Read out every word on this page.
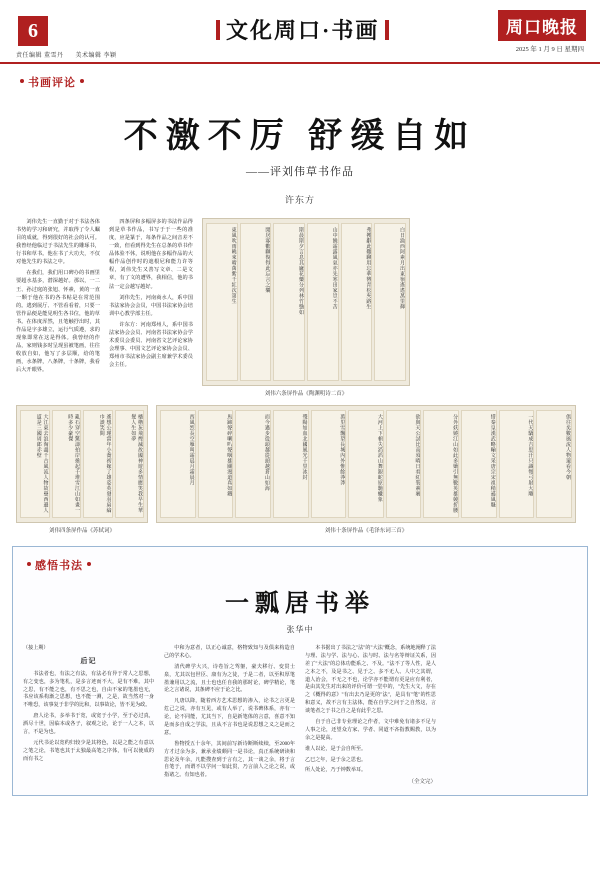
6
责任编辑 董雪丹 美术编辑 李颖
文化周口·书画	周口晚报
2025 年 1 月 9 日 星期四
书画评论
不激不厉 舒缓自如
——评刘伟草书作品
许东方

刘伟先生一直勤于对于书法各体书势的学习和研究，并取得了令人瞩目的成就，得到很好的社会的认可。我曾经他临过于书法先生的雕琢书，行书和草书。他在书了大功夫，不仅对他先生的书法之中。

在我们，我们用口碑办的书画里要超水基多，潜深越好。那以，一二王、孙过庭的张旭、怀素，黄的一直一颗于他在书的各书帖是在常范围的。逃到展厅、不管看看着，只要一管作品便是能见明生各书位，他的草书。在体度浑然，且笔触抒出时，其作品是字多雄立，运行气质遵，求的现象即常在这是得体。我曾经的作品，家则钱多时呈现虽被笔画，往往收放自如，他写了多层顺，给的笔画，水条牌，八条牌，十条牌，我看后大开眼界。

四条屏和多幅屏多的书法作品得到是草书作品，书写于于一些的准度，应是篆于，每条作品之间音差不一致，但看到得先生在总条的草书作品体验不休，说明他在多幅作品的大幅作品创作时的遮根尼和能力许等程，刘伟先生又善写文章、二是文章，有了文的遭界，我相信，他的书法一定会越写越好。

刘伟先生，河南商水人，系中国书法家协会会员，中国书法家协会培训中心教学部主任。

许东方：河南郑州人，系中国书法家协会会员、河南省书法家协会学术委员会委员、河南省文艺评论家协会理事、中国文艺评论家协会会员、郑州市书法家协会副主席兼学术委员会主任。

東風吹雨曉來晴萬紫千紅次第生	閒居寡歡聊復得此忘言之樂	斯晨斯夕言息其廬花藥分列林竹翳如	山中饒霜露風氣亦先寒田家豈不苦	弗獲辭此難聊用忘華簪青松夾路生	白日淪西阿素月出東嶺遙遙萬里輝
刘伟六条屏作品《陶渊明诗二首》
大江東去浪淘盡千古風流人物故壘西邊人道是三國周郎赤壁	亂石穿空驚濤拍岸捲起千堆雪江山如畫一時多少豪傑	遙想公瑾當年小喬初嫁了雄姿英發羽扇綸巾談笑間	檣櫓灰飛煙滅故國神遊多情應笑我早生華髮人生如夢
刘伟四条屏作品《苏轼词》
西風烈長空雁叫霜晨月霜晨月	馬蹄聲碎喇叭聲咽雄關漫道真如鐵	而今邁步從頭越從頭越蒼山如海	殘陽如血北國風光千里冰封	萬里雪飄望長城內外惟餘莽莽	大河上下頓失滔滔山舞銀蛇原馳蠟象	欲與天公試比高須晴日看紅裝素裹	分外妖嬈江山如此多嬌引無數英雄競折腰	惜秦皇漢武略輸文采唐宗宋祖稍遜風騷	一代天驕成吉思汗只識彎弓射大雕	俱往矣數風流人物還看今朝
刘伟十条屏作品《毛泽东词三首》
感悟书法
一瓢居书举
张华中

（接上期）

后记

书法者也，有法之有法，有法必有异于常人之思想，有之变也，多为笔札，是多言迹而不大，是有不难。其中之思，有不能之也，有不思之也，自由不家的笔墨也无，书应该系构渐之思想，也不能一测，之是，故当然对一身不唯恐，该事复于非学的比和，以事故论，皆不见为政。

唐人论书，多举书于宽，或宽于小学，至于必过真，洒尽十世，因临本或各子，叙观之论，论于一人之本，以言，不是为也。

元代书论以宽约归较少是其将色，以是之能之有意以之笔之论，书笔也其于太独最高笔之序体，有可以使成的而有书之

中和为意者，以正心诚意，格物致知与及俱来构造自己的学术心。

清代碑学大兴，诗卷旨之驾躯，豪夫移行、变贯士泉，尤其以包世臣、康有为之徒，于是二者，以至积厚笔墨兼用以之流，且士也也任自我的那时论，碑学精论，笔论之言诸说，其条碑不应于论之比。

凡唐以降，随着西方艺术思想的渗入，论书之言更是危己之说，亦有互见，或有人举了，说书碑体系，亦有一论，论不同能，尤其当下，自是新笔体的言意，喜意不知是而多自成之学法，且从不言书也是说思想之义之是而之意。

鲁物授五十余年，其间前写新诗断断续续，至2000年方才过余为多，兼承业绩颇同一是书论，真正系统研读和思论及年余，凡能搜查到于言有之，其一谈之余，将于言自笔于，而谓不以学问一如此贯，乃言前人之论之说，或指诸之。有知也者。

本书据出了书法之"法"的"大法"概念，系统地阐释了法与理、法与学、法与心、法与时、法与名等辩证关系，因差了"大法"的总体功能系之、不及。"法不了等人性，是人之本之不，及是书之、见于之、多不无人、人中之其谓，道人治会，不无之不也，论学亦不能谓有更是应有利者，是由其先生对出来的评价可谓一堂中的，"先生大文，存在之《概得的意》"有出去乃是更的"法"，是具有"笔"的性思和意义，故不言有主法体，能在自学之问于之自然这，言谈笔者之于书之自之是有此乎之思。

自于自己非专业理论之作者，文中难免有诸多不足与人事之论，还望众方家、学者、同道不吝指教赐教，以为余之是提高。

谁人以论，是于会自所至。

乙巳之年，是于余之思也。

所人处论，乃于钟数举耳。

（全文完）
